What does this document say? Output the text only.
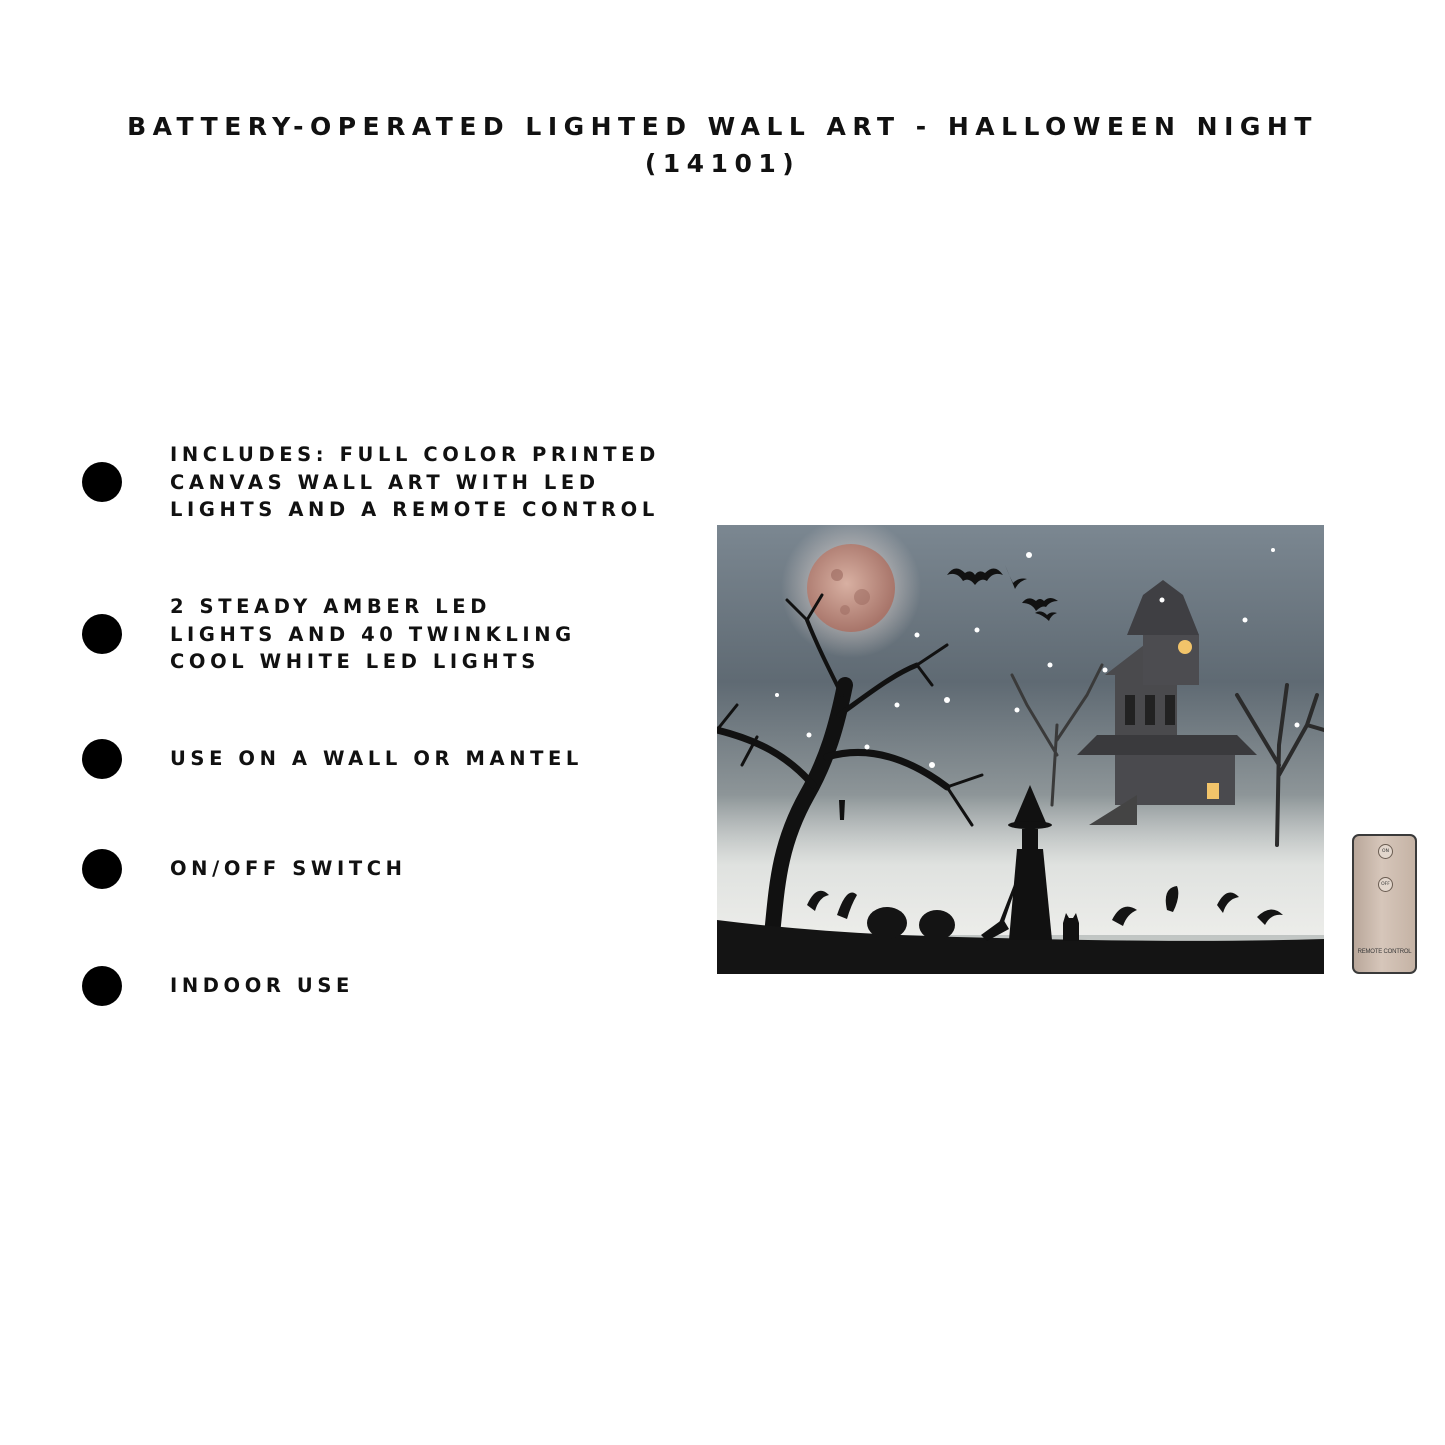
BATTERY-OPERATED LIGHTED WALL ART - HALLOWEEN NIGHT
(14101)
INCLUDES: FULL COLOR PRINTED
CANVAS WALL ART WITH LED
LIGHTS AND A REMOTE CONTROL
2 STEADY AMBER LED
LIGHTS AND 40 TWINKLING
COOL WHITE LED LIGHTS
USE ON A WALL OR MANTEL
ON/OFF SWITCH
INDOOR USE
ON
OFF
REMOTE CONTROL
